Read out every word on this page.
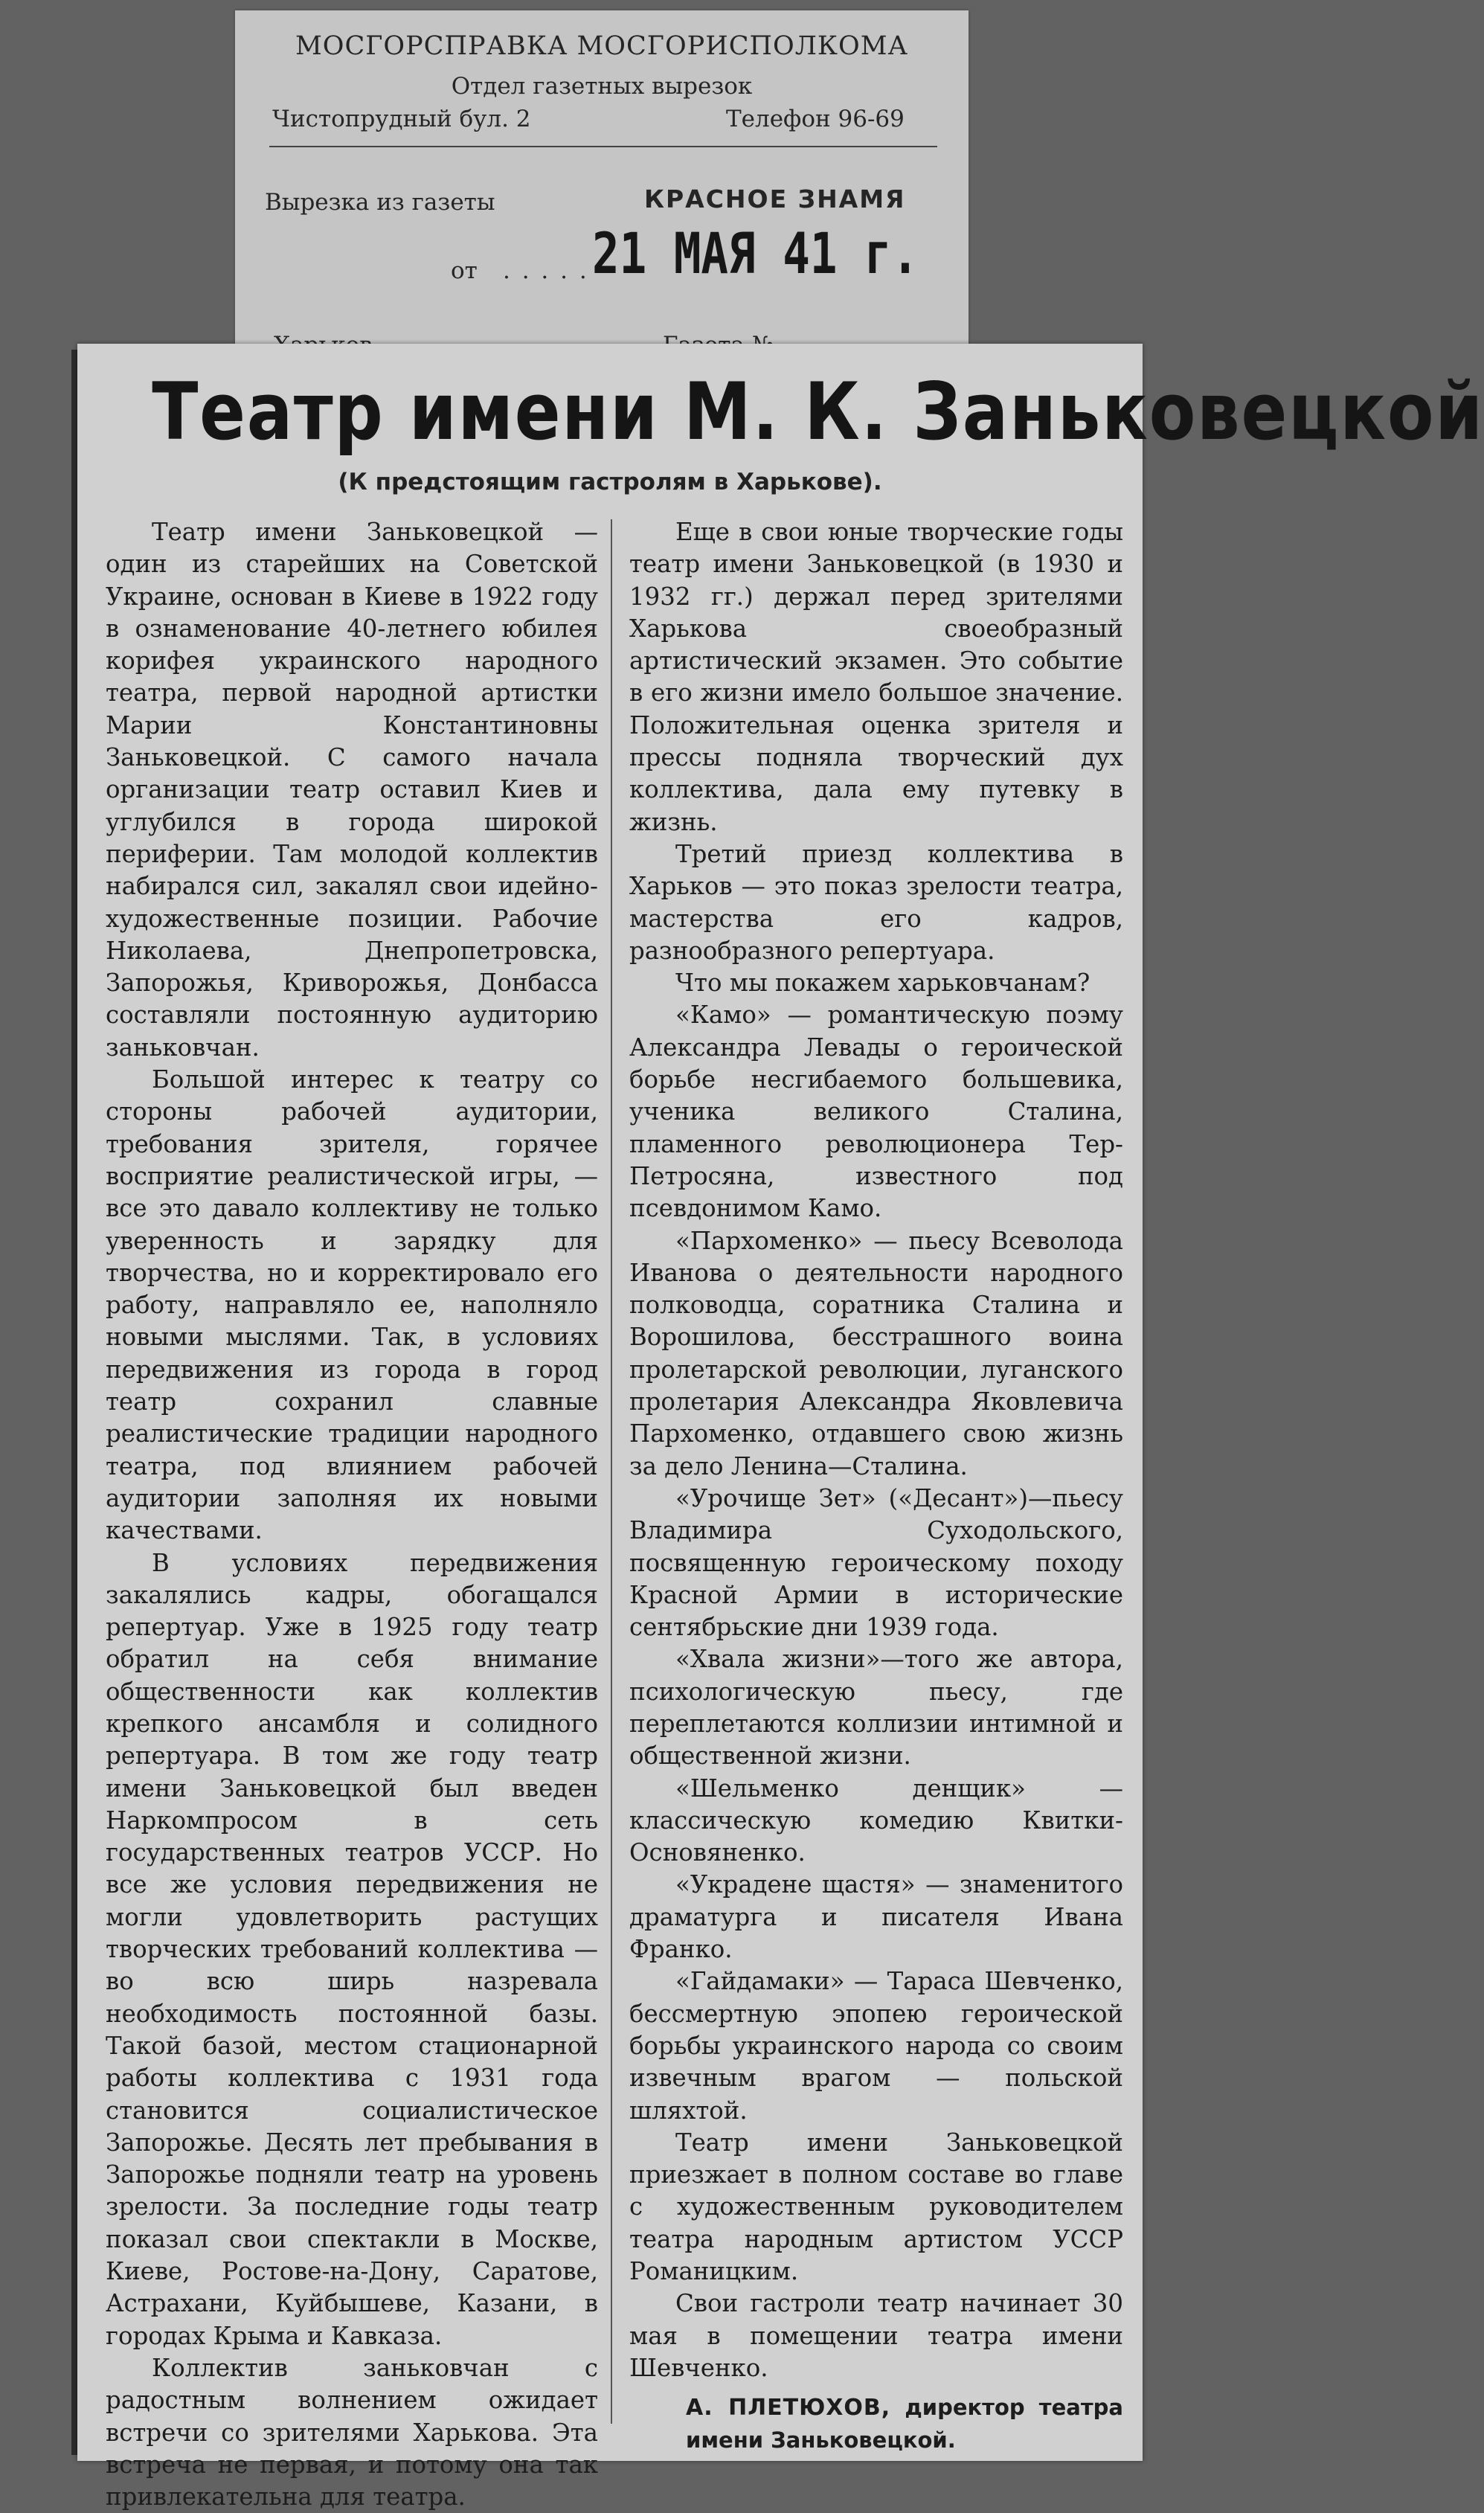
МОСГОРСПРАВКА МОСГОРИСПОЛКОМА
Отдел газетных вырезок
Чистопрудный бул. 2	Телефон 96-69
Вырезка из газеты	КРАСНОЕ ЗНАМЯ
от . . . . . 21 МАЯ 41 г.
Театр имени М. К. Заньковецкой
(К предстоящим гастролям в Харькове).

Театр имени Заньковецкой — один из старейших на Советской Украине, основан в Киеве в 1922 году в ознаменование 40-летнего юбилея корифея украинского народного театра, первой народной артистки Марии Константиновны Заньковецкой. С самого начала организации театр оставил Киев и углубился в города широкой периферии. Там молодой коллектив набирался сил, закалял свои идейно-художественные позиции. Рабочие Николаева, Днепропетровска, Запорожья, Криворожья, Донбасса составляли постоянную аудиторию заньковчан.

Большой интерес к театру со стороны рабочей аудитории, требования зрителя, горячее восприятие реалистической игры, — все это давало коллективу не только уверенность и зарядку для творчества, но и корректировало его работу, направляло ее, наполняло новыми мыслями. Так, в условиях передвижения из города в город театр сохранил славные реалистические традиции народного театра, под влиянием рабочей аудитории заполняя их новыми качествами.

В условиях передвижения закалялись кадры, обогащался репертуар. Уже в 1925 году театр обратил на себя внимание общественности как коллектив крепкого ансамбля и солидного репертуара. В том же году театр имени Заньковецкой был введен Наркомпросом в сеть государственных театров УССР. Но все же условия передвижения не могли удовлетворить растущих творческих требований коллектива — во всю ширь назревала необходимость постоянной базы. Такой базой, местом стационарной работы коллектива с 1931 года становится социалистическое Запорожье. Десять лет пребывания в Запорожье подняли театр на уровень зрелости. За последние годы театр показал свои спектакли в Москве, Киеве, Ростове-на-Дону, Саратове, Астрахани, Куйбышеве, Казани, в городах Крыма и Кавказа.

Коллектив заньковчан с радостным волнением ожидает встречи со зрителями Харькова. Эта встреча не первая, и потому она так привлекательна для театра.

Еще в свои юные творческие годы театр имени Заньковецкой (в 1930 и 1932 гг.) держал перед зрителями Харькова своеобразный артистический экзамен. Это событие в его жизни имело большое значение. Положительная оценка зрителя и прессы подняла творческий дух коллектива, дала ему путевку в жизнь.

Третий приезд коллектива в Харьков — это показ зрелости театра, мастерства его кадров, разнообразного репертуара.

Что мы покажем харьковчанам?

«Камо» — романтическую поэму Александра Левады о героической борьбе несгибаемого большевика, ученика великого Сталина, пламенного революционера Тер-Петросяна, известного под псевдонимом Камо.

«Пархоменко» — пьесу Всеволода Иванова о деятельности народного полководца, соратника Сталина и Ворошилова, бесстрашного воина пролетарской революции, луганского пролетария Александра Яковлевича Пархоменко, отдавшего свою жизнь за дело Ленина—Сталина.

«Урочище Зет» («Десант»)—пьесу Владимира Суходольского, посвященную героическому походу Красной Армии в исторические сентябрьские дни 1939 года.

«Хвала жизни»—того же автора, психологическую пьесу, где переплетаются коллизии интимной и общественной жизни.

«Шельменко денщик» — классическую комедию Квитки-Основяненко.

«Украдене щастя» — знаменитого драматурга и писателя Ивана Франко.

«Гайдамаки» — Тараса Шевченко, бессмертную эпопею героической борьбы украинского народа со своим извечным врагом — польской шляхтой.

Театр имени Заньковецкой приезжает в полном составе во главе с художественным руководителем театра народным артистом УССР Романицким.

Свои гастроли театр начинает 30 мая в помещении театра имени Шевченко.

А. ПЛЕТЮХОВ, директор театра имени Заньковецкой.
